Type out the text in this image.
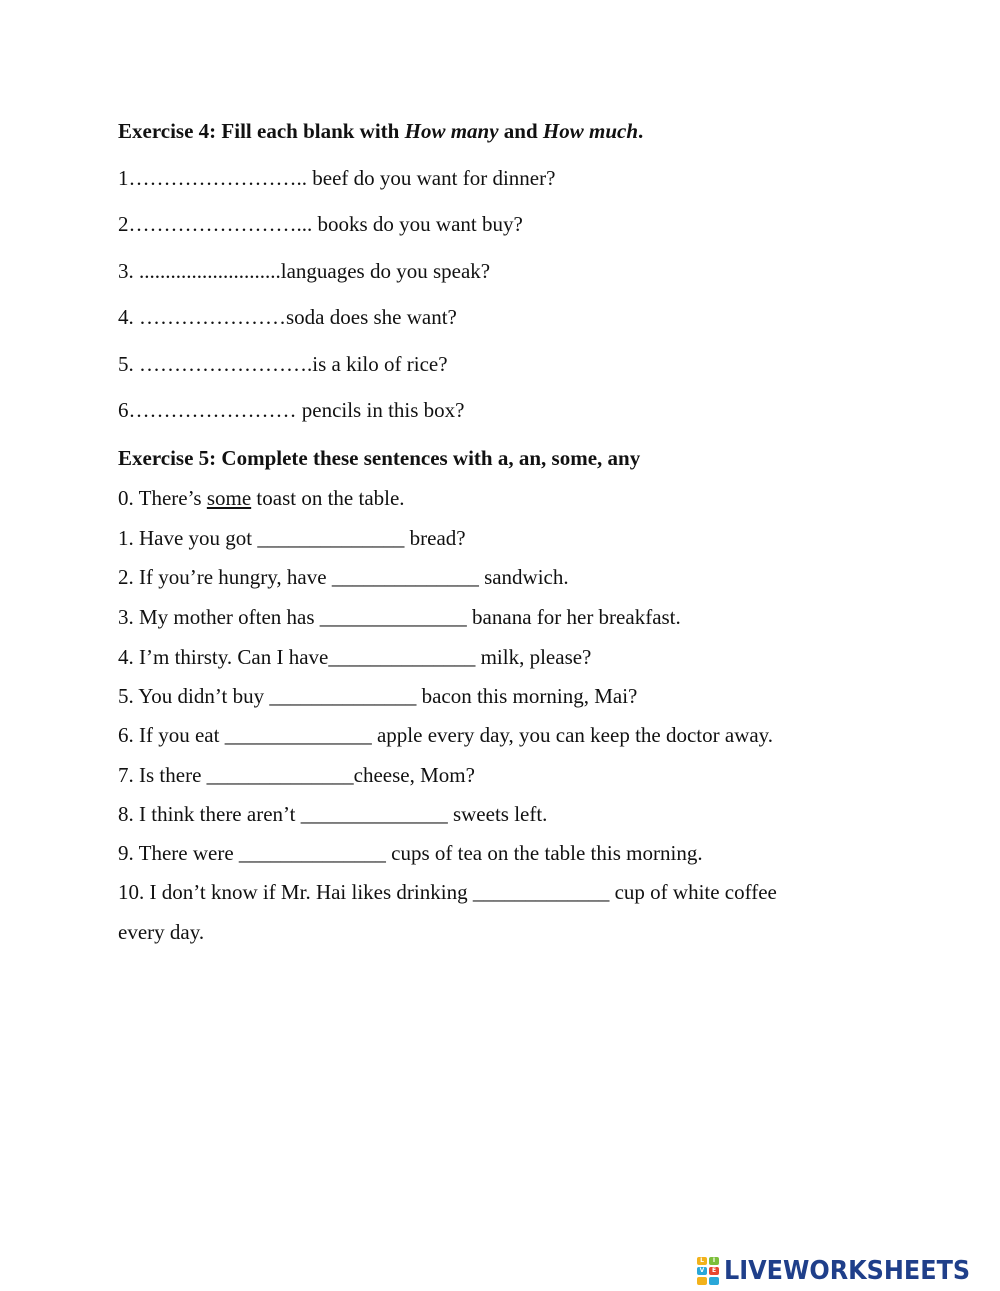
Exercise 4: Fill each blank with How many and How much.
1…………………….. beef do you want for dinner?
2……………………... books do you want buy?
3. ...........................languages do you speak?
4. …………………soda does she want?
5. …………………….is a kilo of rice?
6…………………… pencils in this box?
Exercise 5: Complete these sentences with a, an, some, any
0. There’s some toast on the table.
1. Have you got ______________ bread?
2. If you’re hungry, have ______________ sandwich.
3. My mother often has ______________ banana for her breakfast.
4. I’m thirsty. Can I have______________ milk, please?
5. You didn’t buy ______________ bacon this morning, Mai?
6. If you eat ______________ apple every day, you can keep the doctor away.
7. Is there ______________cheese, Mom?
8. I think there aren’t ______________ sweets left.
9. There were ______________ cups of tea on the table this morning.
10. I don’t know if Mr. Hai likes drinking _____________ cup of white coffee
every day.
L	I
V	E LIVEWORKSHEETS
